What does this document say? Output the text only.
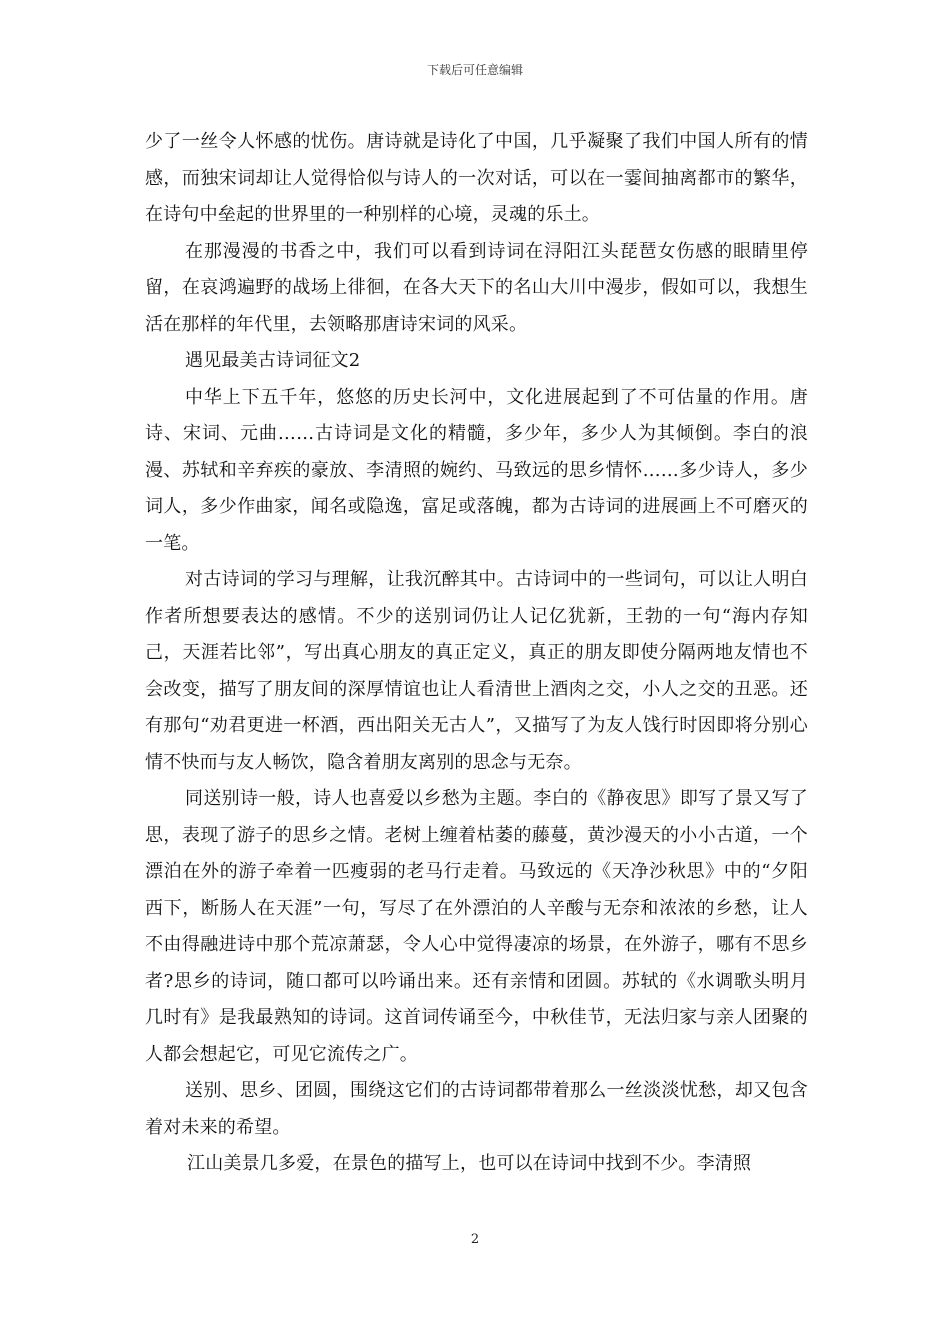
下载后可任意编辑

少了一丝令人怀感的忧伤。唐诗就是诗化了中国，几乎凝聚了我们中国人所有的情感，而独宋词却让人觉得恰似与诗人的一次对话，可以在一霎间抽离都市的繁华，在诗句中垒起的世界里的一种别样的心境，灵魂的乐土。

在那漫漫的书香之中，我们可以看到诗词在浔阳江头琵琶女伤感的眼睛里停留，在哀鸿遍野的战场上徘徊，在各大天下的名山大川中漫步，假如可以，我想生活在那样的年代里，去领略那唐诗宋词的风采。

遇见最美古诗词征文2

中华上下五千年，悠悠的历史长河中，文化进展起到了不可估量的作用。唐诗、宋词、元曲……古诗词是文化的精髓，多少年，多少人为其倾倒。李白的浪漫、苏轼和辛弃疾的豪放、李清照的婉约、马致远的思乡情怀……多少诗人，多少词人，多少作曲家，闻名或隐逸，富足或落魄，都为古诗词的进展画上不可磨灭的一笔。

对古诗词的学习与理解，让我沉醉其中。古诗词中的一些词句，可以让人明白作者所想要表达的感情。不少的送别词仍让人记亿犹新，王勃的一句“海内存知己，天涯若比邻”，写出真心朋友的真正定义，真正的朋友即使分隔两地友情也不会改变，描写了朋友间的深厚情谊也让人看清世上酒肉之交，小人之交的丑恶。还有那句“劝君更进一杯酒，西出阳关无古人”，又描写了为友人饯行时因即将分别心情不快而与友人畅饮，隐含着朋友离别的思念与无奈。

同送别诗一般，诗人也喜爱以乡愁为主题。李白的《静夜思》即写了景又写了思，表现了游子的思乡之情。老树上缠着枯萎的藤蔓，黄沙漫天的小小古道，一个漂泊在外的游子牵着一匹瘦弱的老马行走着。马致远的《天净沙秋思》中的“夕阳西下，断肠人在天涯”一句，写尽了在外漂泊的人辛酸与无奈和浓浓的乡愁，让人不由得融进诗中那个荒凉萧瑟，令人心中觉得凄凉的场景，在外游子，哪有不思乡者?思乡的诗词，随口都可以吟诵出来。还有亲情和团圆。苏轼的《水调歌头明月几时有》是我最熟知的诗词。这首词传诵至今，中秋佳节，无法归家与亲人团聚的人都会想起它，可见它流传之广。

送别、思乡、团圆，围绕这它们的古诗词都带着那么一丝淡淡忧愁，却又包含着对未来的希望。

江山美景几多爱，在景色的描写上，也可以在诗词中找到不少。李清照

2
